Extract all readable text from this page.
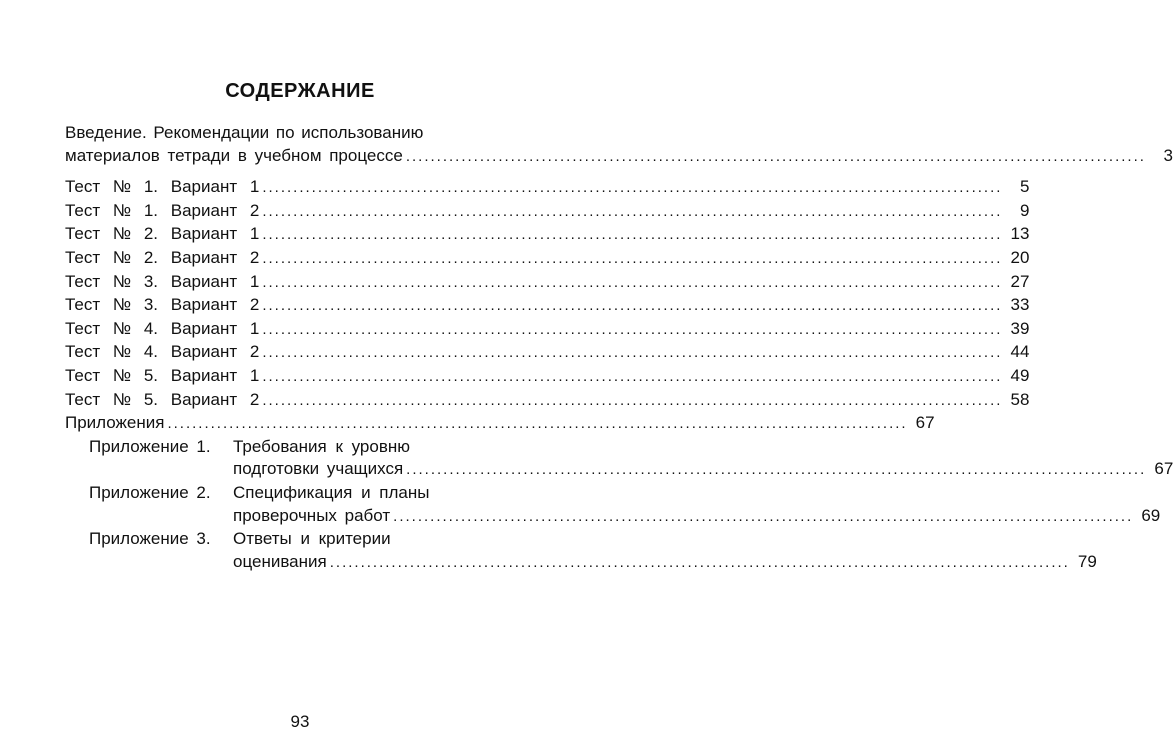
СОДЕРЖАНИЕ
Введение. Рекомендации по использованию
материалов тетради в учебном процессе .....	3
Тест № 1. Вариант 1 .....	5
Тест № 1. Вариант 2 .....	9
Тест № 2. Вариант 1 .....	13
Тест № 2. Вариант 2 .....	20
Тест № 3. Вариант 1 .....	27
Тест № 3. Вариант 2 .....	33
Тест № 4. Вариант 1 .....	39
Тест № 4. Вариант 2 .....	44
Тест № 5. Вариант 1 .....	49
Тест № 5. Вариант 2 .....	58
Приложения .....	67
Приложение 1.	Требования к уровню
подготовки учащихся .....	67
Приложение 2.	Спецификация и планы
проверочных работ .....	69
Приложение 3.	Ответы и критерии
оценивания .....	79
93
